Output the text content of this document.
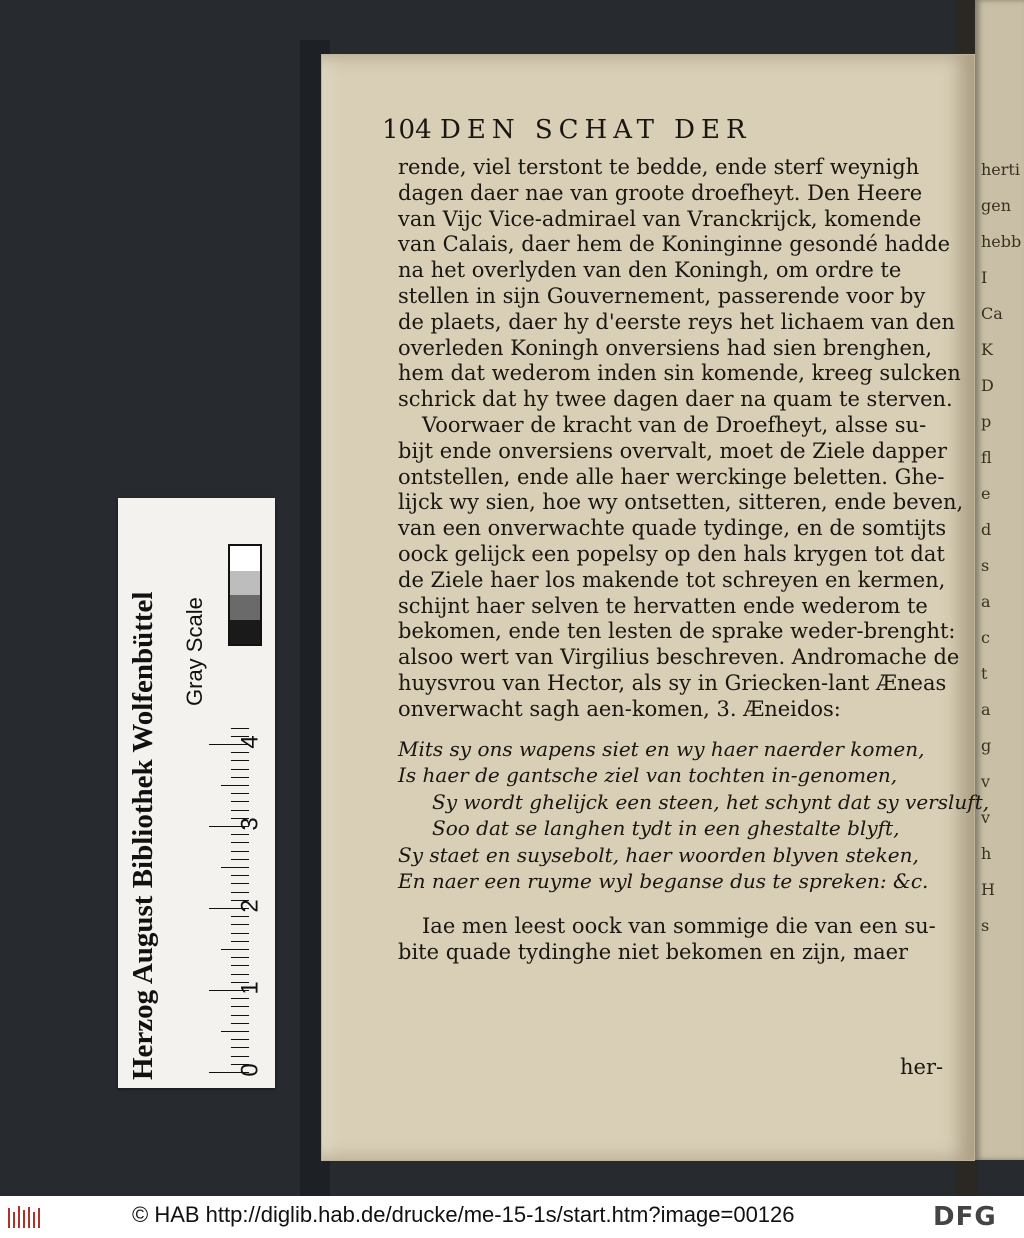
herti
gen
hebb
I
Ca
K
D
p
fl
e
d
s
a
c
t
a
g
v
v
h
H
s
104 DEN SCHAT DER
her-
rende, viel terstont te bedde, ende sterf weynigh
dagen daer nae van groote droefheyt. Den Heere
van Vijc Vice-admirael van Vranckrijck, komende
van Calais, daer hem de Koninginne gesondé hadde
na het overlyden van den Koningh, om ordre te
stellen in sijn Gouvernement, passerende voor by
de plaets, daer hy d'eerste reys het lichaem van den
overleden Koningh onversiens had sien brenghen,
hem dat wederom inden sin komende, kreeg sulcken
schrick dat hy twee dagen daer na quam te sterven.
Voorwaer de kracht van de Droefheyt, alsse su-
bijt ende onversiens overvalt, moet de Ziele dapper
ontstellen, ende alle haer werckinge beletten. Ghe-
lijck wy sien, hoe wy ontsetten, sitteren, ende beven,
van een onverwachte quade tydinge, en de somtijts
oock gelijck een popelsy op den hals krygen tot dat
de Ziele haer los makende tot schreyen en kermen,
schijnt haer selven te hervatten ende wederom te
bekomen, ende ten lesten de sprake weder-brenght:
alsoo wert van Virgilius beschreven. Andromache de
huysvrou van Hector, als sy in Griecken-lant Æneas
onverwacht sagh aen-komen, 3. Æneidos:
Mits sy ons wapens siet en wy haer naerder komen,
Is haer de gantsche ziel van tochten in-genomen,
Sy wordt ghelijck een steen, het schynt dat sy versluft,
Soo dat se langhen tydt in een ghestalte blyft,
Sy staet en suysebolt, haer woorden blyven steken,
En naer een ruyme wyl beganse dus te spreken: &c.
Iae men leest oock van sommige die van een su-
bite quade tydinghe niet bekomen en zijn, maer
Herzog August Bibliothek Wolfenbüttel	Gray Scale
0
1
2
3
4
© HAB http://diglib.hab.de/drucke/me-15-1s/start.htm?image=00126	DFG
